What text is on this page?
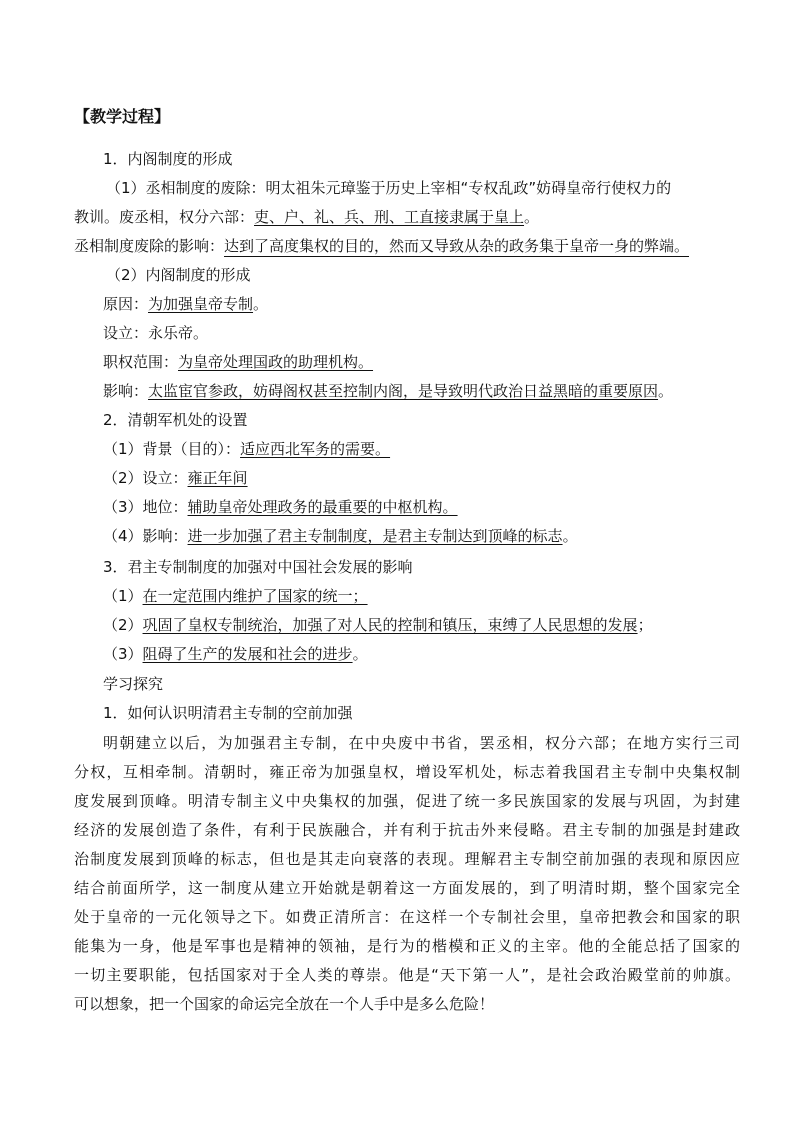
【教学过程】
1．内阁制度的形成
（1）丞相制度的废除：明太祖朱元璋鉴于历史上宰相“专权乱政”妨碍皇帝行使权力的
教训。废丞相，权分六部：吏、户、礼、兵、刑、工直接隶属于皇上。
丞相制度废除的影响：达到了高度集权的目的，然而又导致从杂的政务集于皇帝一身的弊端。
（2）内阁制度的形成
原因：为加强皇帝专制。
设立：永乐帝。
职权范围：为皇帝处理国政的助理机构。
影响：太监宦官参政，妨碍阁权甚至控制内阁，是导致明代政治日益黑暗的重要原因。
2．清朝军机处的设置
（1）背景（目的）：适应西北军务的需要。
（2）设立：雍正年间
（3）地位：辅助皇帝处理政务的最重要的中枢机构。
（4）影响：进一步加强了君主专制制度，是君主专制达到顶峰的标志。
3．君主专制制度的加强对中国社会发展的影响
（1）在一定范围内维护了国家的统一；
（2）巩固了皇权专制统治，加强了对人民的控制和镇压，束缚了人民思想的发展；
（3）阻碍了生产的发展和社会的进步。
学习探究
1．如何认识明清君主专制的空前加强
明朝建立以后，为加强君主专制，在中央废中书省，罢丞相，权分六部；在地方实行三司
分权，互相牵制。清朝时，雍正帝为加强皇权，增设军机处，标志着我国君主专制中央集权制
度发展到顶峰。明清专制主义中央集权的加强，促进了统一多民族国家的发展与巩固，为封建
经济的发展创造了条件，有利于民族融合，并有利于抗击外来侵略。君主专制的加强是封建政
治制度发展到顶峰的标志，但也是其走向衰落的表现。理解君主专制空前加强的表现和原因应
结合前面所学，这一制度从建立开始就是朝着这一方面发展的，到了明清时期，整个国家完全
处于皇帝的一元化领导之下。如费正清所言：在这样一个专制社会里，皇帝把教会和国家的职
能集为一身，他是军事也是精神的领袖，是行为的楷模和正义的主宰。他的全能总括了国家的
一切主要职能，包括国家对于全人类的尊崇。他是“天下第一人”，是社会政治殿堂前的帅旗。
可以想象，把一个国家的命运完全放在一个人手中是多么危险！
